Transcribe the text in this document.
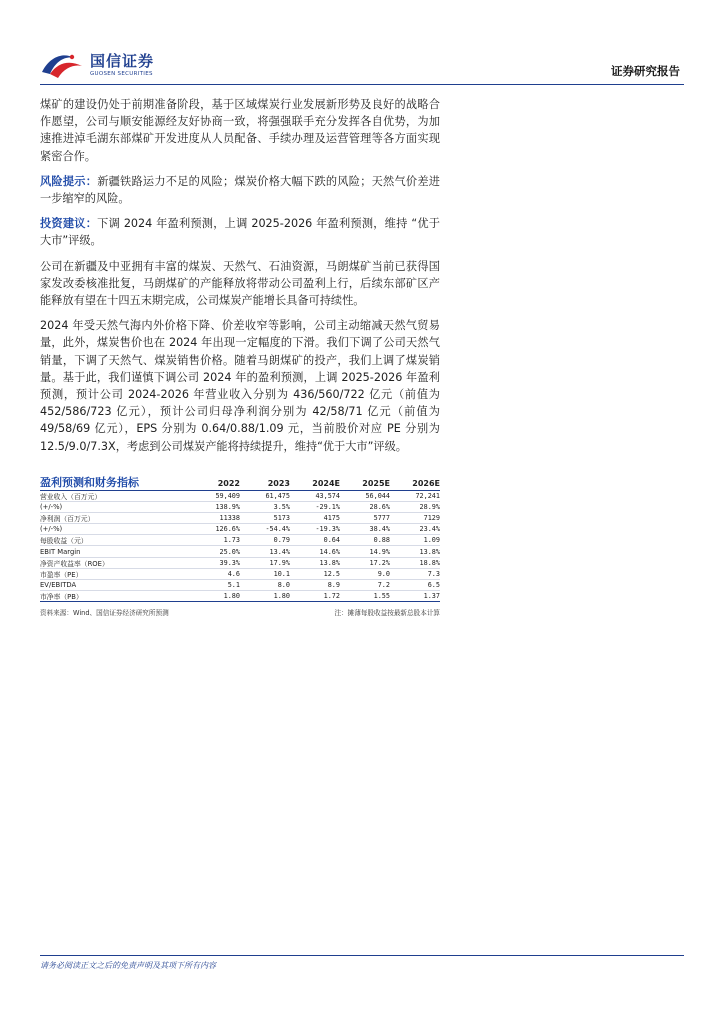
国信证券
GUOSEN SECURITIES	证券研究报告

煤矿的建设仍处于前期准备阶段，基于区域煤炭行业发展新形势及良好的战略合作愿望，公司与顺安能源经友好协商一致，将强强联手充分发挥各自优势，为加速推进淖毛湖东部煤矿开发进度从人员配备、手续办理及运营管理等各方面实现紧密合作。

风险提示：新疆铁路运力不足的风险；煤炭价格大幅下跌的风险；天然气价差进一步缩窄的风险。

投资建议：下调 2024 年盈利预测，上调 2025-2026 年盈利预测，维持 “优于大市”评级。

公司在新疆及中亚拥有丰富的煤炭、天然气、石油资源，马朗煤矿当前已获得国家发改委核准批复，马朗煤矿的产能释放将带动公司盈利上行，后续东部矿区产能释放有望在十四五末期完成，公司煤炭产能增长具备可持续性。

2024 年受天然气海内外价格下降、价差收窄等影响，公司主动缩减天然气贸易量，此外，煤炭售价也在 2024 年出现一定幅度的下滑。我们下调了公司天然气销量，下调了天然气、煤炭销售价格。随着马朗煤矿的投产，我们上调了煤炭销量。基于此，我们谨慎下调公司 2024 年的盈利预测，上调 2025-2026 年盈利预测，预计公司 2024-2026 年营业收入分别为 436/560/722 亿元（前值为 452/586/723 亿元），预计公司归母净利润分别为 42/58/71 亿元（前值为 49/58/69 亿元），EPS 分别为 0.64/0.88/1.09 元，当前股价对应 PE 分别为 12.5/9.0/7.3X，考虑到公司煤炭产能将持续提升，维持“优于大市”评级。

盈利预测和财务指标	2022	2023	2024E	2025E	2026E
营业收入（百万元）	59,409	61,475	43,574	56,044	72,241
(+/-%)	138.9%	3.5%	-29.1%	28.6%	28.9%
净利润（百万元）	11338	5173	4175	5777	7129
(+/-%)	126.6%	-54.4%	-19.3%	38.4%	23.4%
每股收益（元）	1.73	0.79	0.64	0.88	1.09
EBIT Margin	25.0%	13.4%	14.6%	14.9%	13.8%
净资产收益率（ROE）	39.3%	17.9%	13.8%	17.2%	18.8%
市盈率（PE）	4.6	10.1	12.5	9.0	7.3
EV/EBITDA	5.1	8.0	8.9	7.2	6.5
市净率（PB）	1.80	1.80	1.72	1.55	1.37
资料来源：Wind、国信证券经济研究所预测	注：摊薄每股收益按最新总股本计算
请务必阅读正文之后的免责声明及其项下所有内容
